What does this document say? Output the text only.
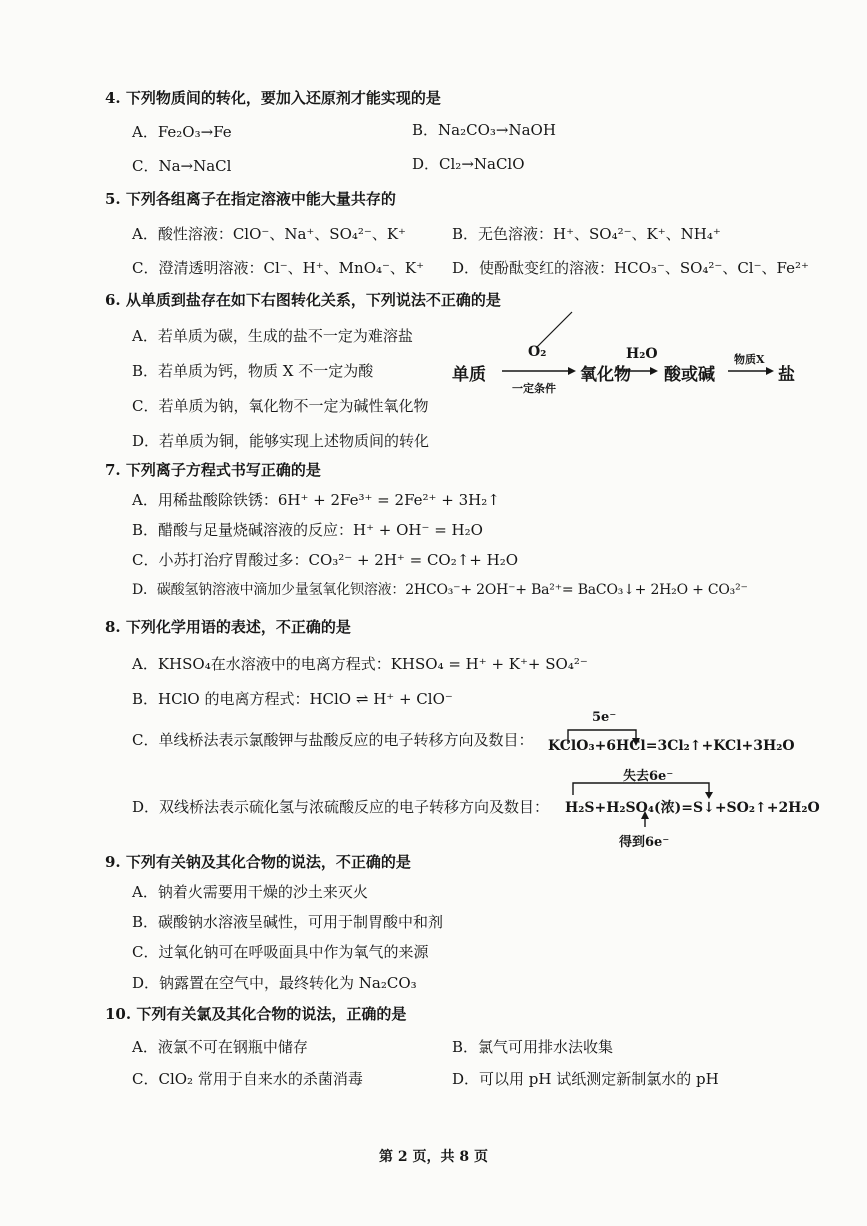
4. 下列物质间的转化，要加入还原剂才能实现的是
A．Fe₂O₃→Fe	B．Na₂CO₃→NaOH
C．Na→NaCl	D．Cl₂→NaClO
5. 下列各组离子在指定溶液中能大量共存的
A．酸性溶液：ClO⁻、Na⁺、SO₄²⁻、K⁺	B．无色溶液：H⁺、SO₄²⁻、K⁺、NH₄⁺
C．澄清透明溶液：Cl⁻、H⁺、MnO₄⁻、K⁺ D．使酚酞变红的溶液：HCO₃⁻、SO₄²⁻、Cl⁻、Fe²⁺
6. 从单质到盐存在如下右图转化关系，下列说法不正确的是
A．若单质为碳，生成的盐不一定为难溶盐
B．若单质为钙，物质 X 不一定为酸
C．若单质为钠，氧化物不一定为碱性氧化物
D．若单质为铜，能够实现上述物质间的转化
单质
O₂
一定条件
氧化物
H₂O
酸或碱
物质X
盐
7. 下列离子方程式书写正确的是
A．用稀盐酸除铁锈：6H⁺ + 2Fe³⁺ = 2Fe²⁺ + 3H₂↑
B．醋酸与足量烧碱溶液的反应：H⁺ + OH⁻ = H₂O
C．小苏打治疗胃酸过多：CO₃²⁻ + 2H⁺ = CO₂↑+ H₂O
D．碳酸氢钠溶液中滴加少量氢氧化钡溶液：2HCO₃⁻+ 2OH⁻+ Ba²⁺= BaCO₃↓+ 2H₂O + CO₃²⁻
8. 下列化学用语的表述，不正确的是
A．KHSO₄在水溶液中的电离方程式：KHSO₄ = H⁺ + K⁺+ SO₄²⁻
B．HClO 的电离方程式：HClO ⇌ H⁺ + ClO⁻
C．单线桥法表示氯酸钾与盐酸反应的电子转移方向及数目：
5e⁻
KClO₃+6HCl=3Cl₂↑+KCl+3H₂O
D．双线桥法表示硫化氢与浓硫酸反应的电子转移方向及数目：
失去6e⁻
H₂S+H₂SO₄(浓)=S↓+SO₂↑+2H₂O
得到6e⁻
9. 下列有关钠及其化合物的说法，不正确的是
A．钠着火需要用干燥的沙土来灭火
B．碳酸钠水溶液呈碱性，可用于制胃酸中和剂
C．过氧化钠可在呼吸面具中作为氧气的来源
D．钠露置在空气中，最终转化为 Na₂CO₃
10. 下列有关氯及其化合物的说法，正确的是
A．液氯不可在钢瓶中储存	B．氯气可用排水法收集
C．ClO₂ 常用于自来水的杀菌消毒	D．可以用 pH 试纸测定新制氯水的 pH
第 2 页，共 8 页
